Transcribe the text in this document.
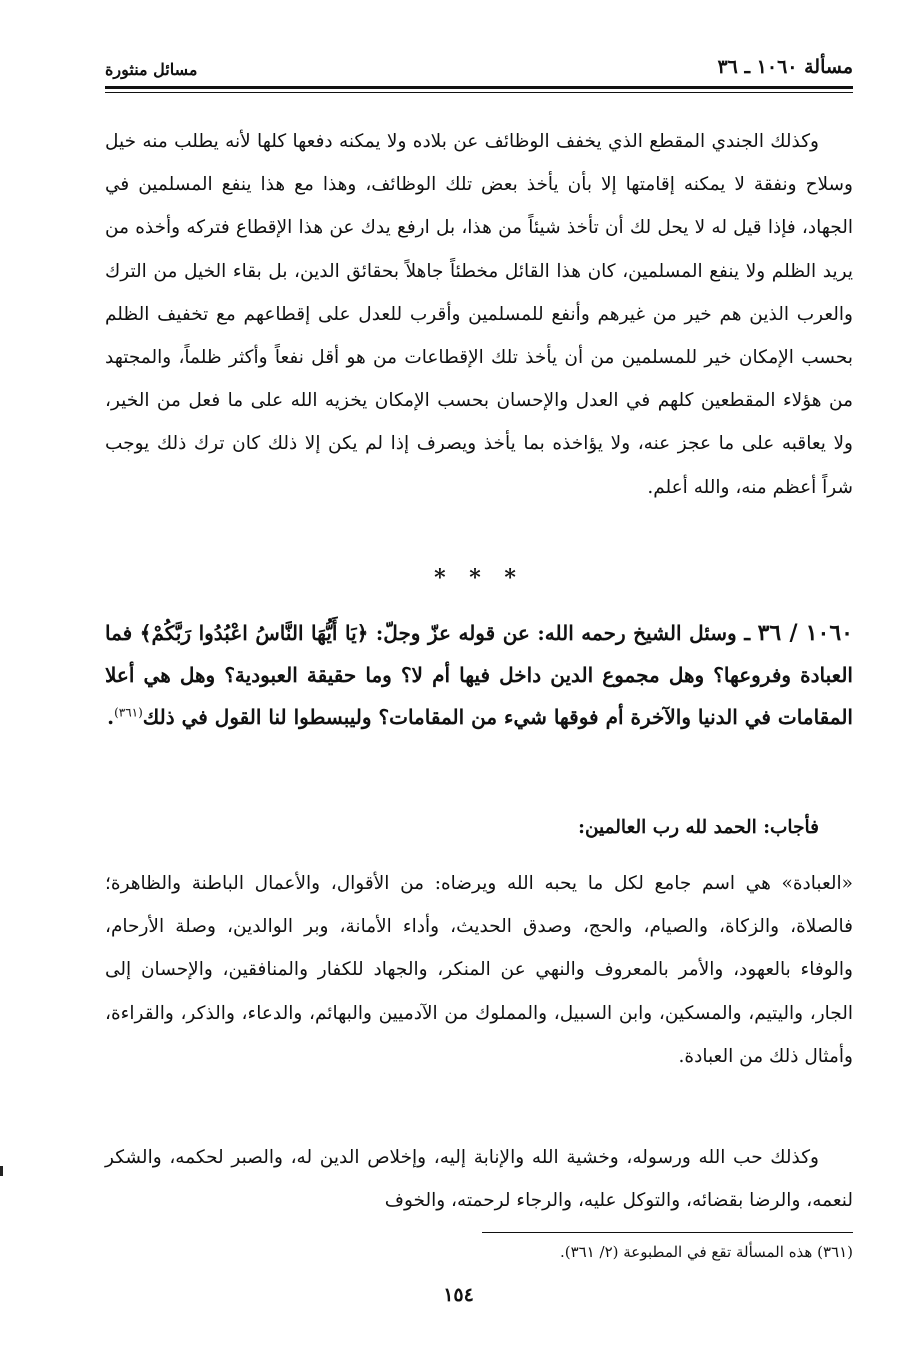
مسألة ١٠٦٠ ـ ٣٦
مسائل منثورة

وكذلك الجندي المقطع الذي يخفف الوظائف عن بلاده ولا يمكنه دفعها كلها لأنه يطلب منه خيل وسلاح ونفقة لا يمكنه إقامتها إلا بأن يأخذ بعض تلك الوظائف، وهذا مع هذا ينفع المسلمين في الجهاد، فإذا قيل له لا يحل لك أن تأخذ شيئاً من هذا، بل ارفع يدك عن هذا الإقطاع فتركه وأخذه من يريد الظلم ولا ينفع المسلمين، كان هذا القائل مخطئاً جاهلاً بحقائق الدين، بل بقاء الخيل من الترك والعرب الذين هم خير من غيرهم وأنفع للمسلمين وأقرب للعدل على إقطاعهم مع تخفيف الظلم بحسب الإمكان خير للمسلمين من أن يأخذ تلك الإقطاعات من هو أقل نفعاً وأكثر ظلماً، والمجتهد من هؤلاء المقطعين كلهم في العدل والإحسان بحسب الإمكان يخزيه الله على ما فعل من الخير، ولا يعاقبه على ما عجز عنه، ولا يؤاخذه بما يأخذ ويصرف إذا لم يكن إلا ذلك كان ترك ذلك يوجب شراً أعظم منه، والله أعلم.

* * *

١٠٦٠ / ٣٦ ـ وسئل الشيخ رحمه الله: عن قوله عزّ وجلّ: ﴿يَا أَيُّهَا النَّاسُ اعْبُدُوا رَبَّكُمْ﴾ فما العبادة وفروعها؟ وهل مجموع الدين داخل فيها أم لا؟ وما حقيقة العبودية؟ وهل هي أعلا المقامات في الدنيا والآخرة أم فوقها شيء من المقامات؟ وليبسطوا لنا القول في ذلك$^{(٣٦١)}$.

فأجاب: الحمد لله رب العالمين:

«العبادة» هي اسم جامع لكل ما يحبه الله ويرضاه: من الأقوال، والأعمال الباطنة والظاهرة؛ فالصلاة، والزكاة، والصيام، والحج، وصدق الحديث، وأداء الأمانة، وبر الوالدين، وصلة الأرحام، والوفاء بالعهود، والأمر بالمعروف والنهي عن المنكر، والجهاد للكفار والمنافقين، والإحسان إلى الجار، واليتيم، والمسكين، وابن السبيل، والمملوك من الآدميين والبهائم، والدعاء، والذكر، والقراءة، وأمثال ذلك من العبادة.

وكذلك حب الله ورسوله، وخشية الله والإنابة إليه، وإخلاص الدين له، والصبر لحكمه، والشكر لنعمه، والرضا بقضائه، والتوكل عليه، والرجاء لرحمته، والخوف

(٣٦١) هذه المسألة تقع في المطبوعة (٢/ ٣٦١).
١٥٤
